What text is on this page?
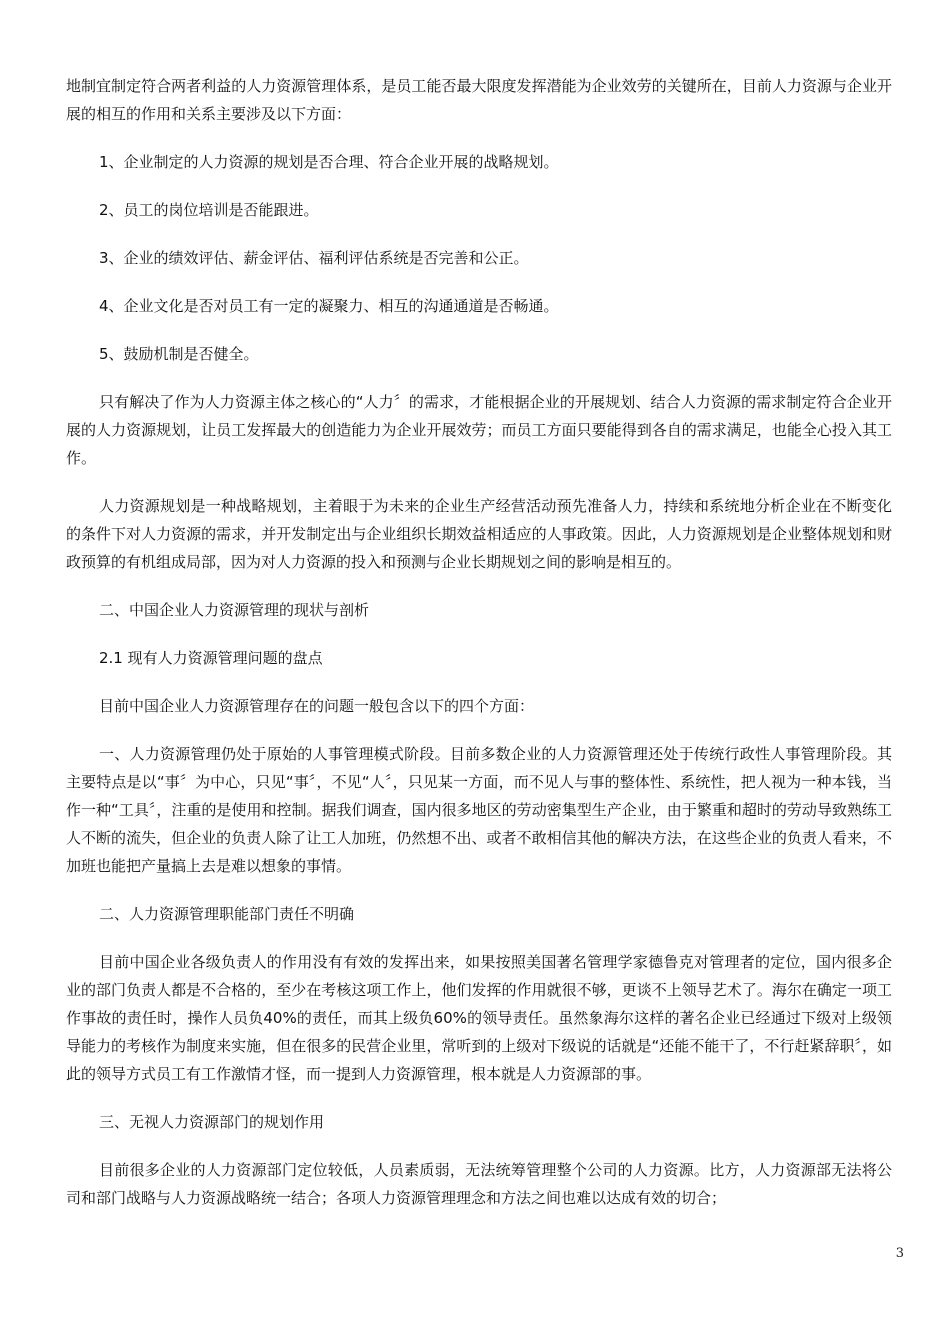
地制宜制定符合两者利益的人力资源管理体系，是员工能否最大限度发挥潜能为企业效劳的关键所在，目前人力资源与企业开展的相互的作用和关系主要涉及以下方面：

1、企业制定的人力资源的规划是否合理、符合企业开展的战略规划。

2、员工的岗位培训是否能跟进。

3、企业的绩效评估、薪金评估、福利评估系统是否完善和公正。

4、企业文化是否对员工有一定的凝聚力、相互的沟通通道是否畅通。

5、鼓励机制是否健全。

只有解决了作为人力资源主体之核心的“人力〞的需求，才能根据企业的开展规划、结合人力资源的需求制定符合企业开展的人力资源规划，让员工发挥最大的创造能力为企业开展效劳；而员工方面只要能得到各自的需求满足，也能全心投入其工作。

人力资源规划是一种战略规划，主着眼于为未来的企业生产经营活动预先准备人力，持续和系统地分析企业在不断变化的条件下对人力资源的需求，并开发制定出与企业组织长期效益相适应的人事政策。因此，人力资源规划是企业整体规划和财政预算的有机组成局部，因为对人力资源的投入和预测与企业长期规划之间的影响是相互的。

二、中国企业人力资源管理的现状与剖析

2.1 现有人力资源管理问题的盘点

目前中国企业人力资源管理存在的问题一般包含以下的四个方面：

一、人力资源管理仍处于原始的人事管理模式阶段。目前多数企业的人力资源管理还处于传统行政性人事管理阶段。其主要特点是以“事〞为中心，只见“事〞，不见“人〞，只见某一方面，而不见人与事的整体性、系统性，把人视为一种本钱，当作一种“工具〞，注重的是使用和控制。据我们调查，国内很多地区的劳动密集型生产企业，由于繁重和超时的劳动导致熟练工人不断的流失，但企业的负责人除了让工人加班，仍然想不出、或者不敢相信其他的解决方法，在这些企业的负责人看来，不加班也能把产量搞上去是难以想象的事情。

二、人力资源管理职能部门责任不明确

目前中国企业各级负责人的作用没有有效的发挥出来，如果按照美国著名管理学家德鲁克对管理者的定位，国内很多企业的部门负责人都是不合格的，至少在考核这项工作上，他们发挥的作用就很不够，更谈不上领导艺术了。海尔在确定一项工作事故的责任时，操作人员负40%的责任，而其上级负60%的领导责任。虽然象海尔这样的著名企业已经通过下级对上级领导能力的考核作为制度来实施，但在很多的民营企业里，常听到的上级对下级说的话就是“还能不能干了，不行赶紧辞职〞，如此的领导方式员工有工作激情才怪，而一提到人力资源管理，根本就是人力资源部的事。

三、无视人力资源部门的规划作用

目前很多企业的人力资源部门定位较低，人员素质弱，无法统筹管理整个公司的人力资源。比方，人力资源部无法将公司和部门战略与人力资源战略统一结合；各项人力资源管理理念和方法之间也难以达成有效的切合；

3
